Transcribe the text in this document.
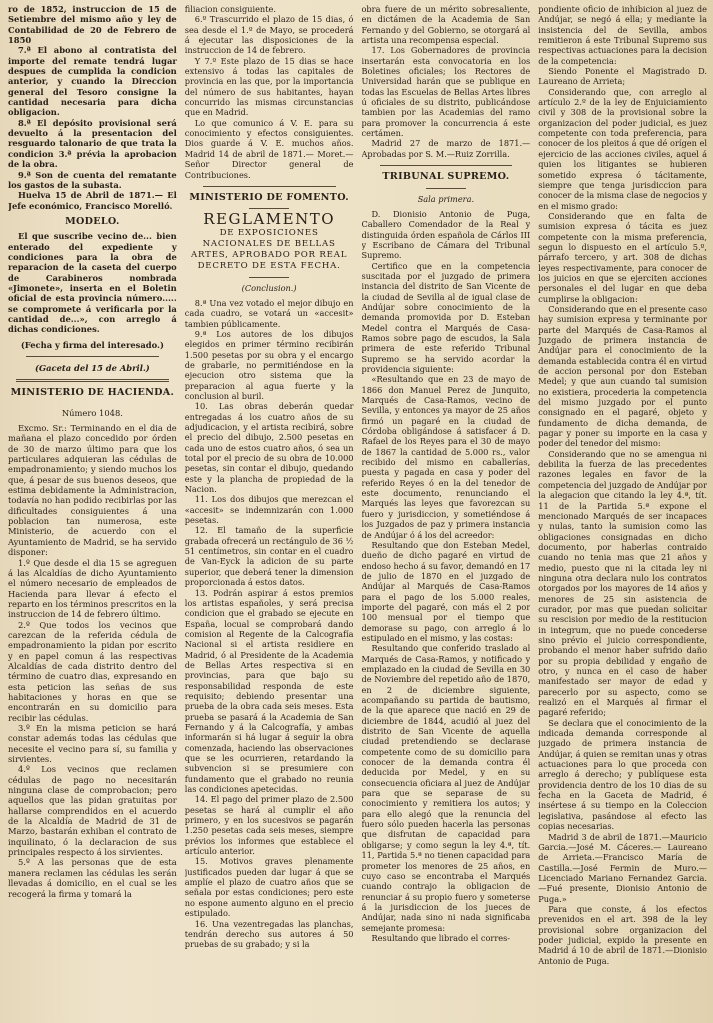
ro de 1852, instruccion de 15 de Setiembre del mismo año y ley de Contabilidad de 20 de Febrero de 1850

7.ª El abono al contratista del importe del remate tendrá lugar despues de cumplida la condicion anterior, y cuando la Direccion general del Tesoro consigne la cantidad necesaria para dicha obligacion.

8.ª El depósito provisional será devuelto á la presentacion del resguardo talonario de que trata la condicion 3.ª prévia la aprobacion de la obra.

9.ª Son de cuenta del rematante los gastos de la subasta.

Huelva 15 de Abril de 1871.— El Jefe económico, Francisco Morelló.

MODELO.

El que suscribe vecino de... bien enterado del expediente y condiciones para la obra de reparacion de la caseta del cuerpo de Carabineros nombrada «Jimonete», inserta en el Boletin oficial de esta provincia número..... se compromete á verificarla por la cantidad de...», con arreglo á dichas condiciones.

(Fecha y firma del interesado.)

(Gaceta del 15 de Abril.)

MINISTERIO DE HACIENDA.

Número 1048.

Excmo. Sr.: Terminando en el dia de mañana el plazo concedido por órden de 30 de marzo último para que los particulares adquieran las cédulas de empadronamiento; y siendo muchos los que, á pesar de sus buenos deseos, que estima debidamente la Administracion, todavía no han podido recibirlas por las dificultades consiguientes á una poblacion tan numerosa, este Ministerio, de acuerdo con el Ayuntamiento de Madrid, se ha servido disponer:

1.º Que desde el dia 15 se agreguen á las Alcaldías de dicho Ayuntamiento el número necesario de empleados de Hacienda para llevar á efecto el reparto en los términos prescritos en la instruccion de 14 de febrero último.

2.º Que todos los vecinos que carezcan de la referida cédula de empadronamiento la pidan por escrito y en papel comun á las respectivas Alcaldías de cada distrito dentro del término de cuatro dias, expresando en esta peticion las señas de sus habitaciones y horas en que se encontrarán en su domicilio para recibir las cédulas.

3.º En la misma peticion se hará constar además todas las cédulas que necesite el vecino para sí, su familia y sirvientes.

4.º Los vecinos que reclamen cédulas de pago no necesitarán ninguna clase de comprobacion; pero aquellos que las pidan gratuitas por hallarse comprendidos en el acuerdo de la Alcaldía de Madrid de 31 de Marzo, bastarán exhiban el contrato de inquilinato, ó la declaracion de sus principales respecto á los sirvientes.

5.º A las personas que de esta manera reclamen las cédulas les serán llevadas á domicilio, en el cual se les recogerá la firma y tomará la

filiacion consiguiente.

6.º Trascurrido el plazo de 15 dias, ó sea desde el 1.º de Mayo, se procederá á ejecutar las disposiciones de la instruccion de 14 de febrero.

Y 7.º Este plazo de 15 dias se hace extensivo á todas las capitales de provincia en las que, por la importancia del número de sus habitantes, hayan concurrido las mismas circunstancias que en Madrid.

Lo que comunico á V. E. para su conocimiento y efectos consiguientes. Dios guarde á V. E. muchos años. Madrid 14 de abril de 1871.— Moret.—Señor Director general de Contribuciones.

MINISTERIO DE FOMENTO.
REGLAMENTO
DE EXPOSICIONES NACIONALES DE BELLAS ARTES, APROBADO POR REAL DECRETO DE ESTA FECHA.

(Conclusion.)

8.ª Una vez votado el mejor dibujo en cada cuadro, se votará un «accesit» tambien públicamente.

9.ª Los autores de los dibujos elegidos en primer término recibirán 1.500 pesetas por su obra y el encargo de grabarle, no permitiéndose en la ejecucion otro sistema que la preparacion al agua fuerte y la conclusion al buril.

10. Las obras deberán quedar entregadas á los cuatro años de su adjudicacion, y el artista recibirá, sobre el precio del dibujo, 2.500 pesetas en cada uno de estos cuatro años, ó sea un total por el precio de su obra de 10.000 pesetas, sin contar el dibujo, quedando este y la plancha de propiedad de la Nacion.

11. Los dos dibujos que merezcan el «accesit» se indemnizarán con 1.000 pesetas.

12. El tamaño de la superficie grabada ofrecerá un rectángulo de 36 ½ 51 centímetros, sin contar en el cuadro de Van-Eyck la adicion de su parte superior, que deberá tener la dimension proporcionada á estos datos.

13. Podrán aspirar á estos premios los artistas españoles, y será precisa condicion que el grabado se ejecute en España, locual se comprobará dando comision al Regente de la Calcografía Nacional si el artista residiere en Madrid, ó al Presidente de la Academia de Bellas Artes respectiva si en provincias, para que bajo su responsabilidad responda de este requisito; debiendo presentar una prueba de la obra cada seis meses. Esta prueba se pasará á la Academia de San Fernando y á la Calcografía, y ambas informarán si há lugar á seguir la obra comenzada, haciendo las observaciones que se les ocurrieren, retardando la subvencion si se presumiere con fundamento que el grabado no reunia las condiciones apetecidas.

14. El pago del primer plazo de 2.500 pesetas se hará al cumplir el año primero, y en los sucesivos se pagarán 1.250 pesetas cada seis meses, siempre prévios los informes que establece el artículo anterior.

15. Motivos graves plenamente justificados pueden dar lugar á que se amplíe el plazo de cuatro años que se señala por estas condiciones; pero este no espone aumento alguno en el precio estipulado.

16. Una vezentregadas las planchas, tendrán derecho sus autores á 50 pruebas de su grabado; y si la

obra fuere de un mérito sobresaliente, en dictámen de la Academia de San Fernando y del Gobierno, se otorgará al artista una recompensa especial.

17. Los Gobernadores de provincia insertarán esta convocatoria en los Boletines oficiales; los Rectores de Universidad harán que se publique en todas las Escuelas de Bellas Artes libres ú oficiales de su distrito, publicándose tambien por las Academias del ramo para promover la concurrencia á este certámen.

Madrid 27 de marzo de 1871.— Aprobadas por S. M.—Ruiz Zorrilla.

TRIBUNAL SUPREMO.

Sala primera.

D. Dionisio Antonio de Puga, Caballero Comendador de la Real y distinguida órden española de Cárlos III y Escribano de Cámara del Tribunal Supremo.

Certifico que en la competencia suscitada por el juzgado de primera instancia del distrito de San Vicente de la ciudad de Sevilla al de igual clase de Andújar sobre conocimiento de la demanda promovida por D. Esteban Medel contra el Marqués de Casa-Ramos sobre pago de escudos, la Sala primera de este referido Tribunal Supremo se ha servido acordar la providencia siguiente:

«Resultando que en 23 de mayo de 1866 don Manuel Perez de Junquito, Marqués de Casa-Ramos, vecino de Sevilla, y entonces ya mayor de 25 años firmó un pagaré en la ciudad de Córdoba obligándose á satisfacer á D. Rafael de los Reyes para el 30 de mayo de 1867 la cantidad de 5.000 rs., valor recibido del mismo en caballerías, puesta y pagada en casa y poder del referido Reyes ó en la del tenedor de este documento, renunciando el Marqués las leyes que favorezcan su fuero y jurisdiccion, y sometiéndose á los Juzgados de paz y primera instancia de Andújar ó á los del acreedor:

Resultando que don Esteban Medel, dueño de dicho pagaré en virtud de endoso hecho á su favor, demandó en 17 de julio de 1870 en el juzgado de Andújar al Marqués de Casa-Ramos para el pago de los 5.000 reales, importe del pagaré, con más el 2 por 100 mensual por el tiempo que demorase su pago, con arreglo á lo estipulado en el mismo, y las costas:

Resultando que conferido traslado al Marqués de Casa-Ramos, y notificado y emplazado en la ciudad de Sevilla en 30 de Noviembre del repetido año de 1870, en 2 de diciembre siguiente, acompañando su partida de bautismo, de la que aparece que nació en 29 de diciembre de 1844, acudió al juez del distrito de San Vicente de aquella ciudad pretendiendo se declarase competente como de su domicilio para conocer de la demanda contra él deducida por Medel, y en su consecuencia oficiara al juez de Andújar para que se separase de su conocimiento y remitiera los autos; y para ello alegó que la renuncia del fuero sólo pueden hacerla las personas que disfrutan de capacidad para obligarse; y como segun la ley 4.ª, tít. 11, Partida 5.ª no tienen capacidad para prometer los menores de 25 años, en cuyo caso se encontraba el Marqués cuando contrajo la obligacion de renunciar á su propio fuero y someterse á la jurisdiccion de los jueces de Andújar, nada sino ni nada significaba semejante promesa:

Resultando que librado el corres-

pondiente oficio de inhibicion al juez de Andújar, se negó á ella; y mediante la insistencia del de Sevilla, ambos remitieron á este Tribunal Supremo sus respectivas actuaciones para la decision de la competencia:

Siendo Ponente el Magistrado D. Laureano de Arrieta;

Considerando que, con arreglo al artículo 2.º de la ley de Enjuiciamiento civil y 308 de la provisional sobre la organizacion del poder judicial, es juez competente con toda preferencia, para conocer de los pleitos á que dé orígen el ejercicio de las acciones civiles, aquel á quien los litigantes se hubieren sometido expresa ó tácitamente, siempre que tenga jurisdiccion para conocer de la misma clase de negocios y en el mismo grado:

Considerando que en falta de sumision expresa ó tácita es juez competente con la misma preferencia, segun lo dispuesto en el artículo 5.º, párrafo tercero, y art. 308 de dichas leyes respectivamente, para conocer de los juicios en que se ejerciten acciones personales el del lugar en que deba cumplirse la obligacion:

Considerando que en el presente caso hay sumision expresa y terminante por parte del Marqués de Casa-Ramos al Juzgado de primera instancia de Andújar para el conocimiento de la demanda establecida contra él en virtud de accion personal por don Esteban Medel; y que aun cuando tal sumision no existiera, procederia la competencia del mismo juzgado por el punto consignado en el pagaré, objeto y fundamento de dicha demanda, de pagar y poner su importe en la casa y poder del tenedor del mismo:

Considerando que no se amengua ni debilita la fuerza de las precedentes razones legales en favor de la competencia del juzgado de Andújar por la alegacion que citando la ley 4.ª, tít. 11 de la Partida 5.ª expone el mencionado Marqués de ser incapaces y nulas, tanto la sumision como las obligaciones consignadas en dicho documento, por haberlas contraido cuando no tenia mas que 21 años y medio, puesto que ni la citada ley ni ninguna otra declara nulo los contratos otorgados por los mayores de 14 años y menores de 25 sin asistencia de curador, por mas que puedan solicitar su rescision por medio de la restitucion in integrum, que no puede concederse sino prévio el juicio correspondiente, probando el menor haber sufrido daño por su propia debilidad y engaño de otro, y nunca en el caso de haber manifestado ser mayor de edad y parecerlo por su aspecto, como se realizó en el Marqués al firmar el pagaré referido;

Se declara que el conocimiento de la indicada demanda corresponde al juzgado de primera instancia de Andújar, á quien se remitan unas y otras actuaciones para lo que proceda con arreglo á derecho; y publíquese esta providencia dentro de los 10 dias de su fecha en la Gaceta de Madrid, é insértese á su tiempo en la Coleccion legislativa, pasándose al efecto las copias necesarias.

Madrid 3 de abril de 1871.—Mauricio Garcia.—José M. Cáceres.— Laureano de Arrieta.—Francisco María de Castilla.—José Fermin de Muro.—Licenciado Mariano Fernandez Garcia.—Fué presente, Dionisio Antonio de Puga.»

Para que conste, á los efectos prevenidos en el art. 398 de la ley provisional sobre organizacion del poder judicial, expido la presente en Madrid á 10 de abril de 1871.—Dionisio Antonio de Puga.
